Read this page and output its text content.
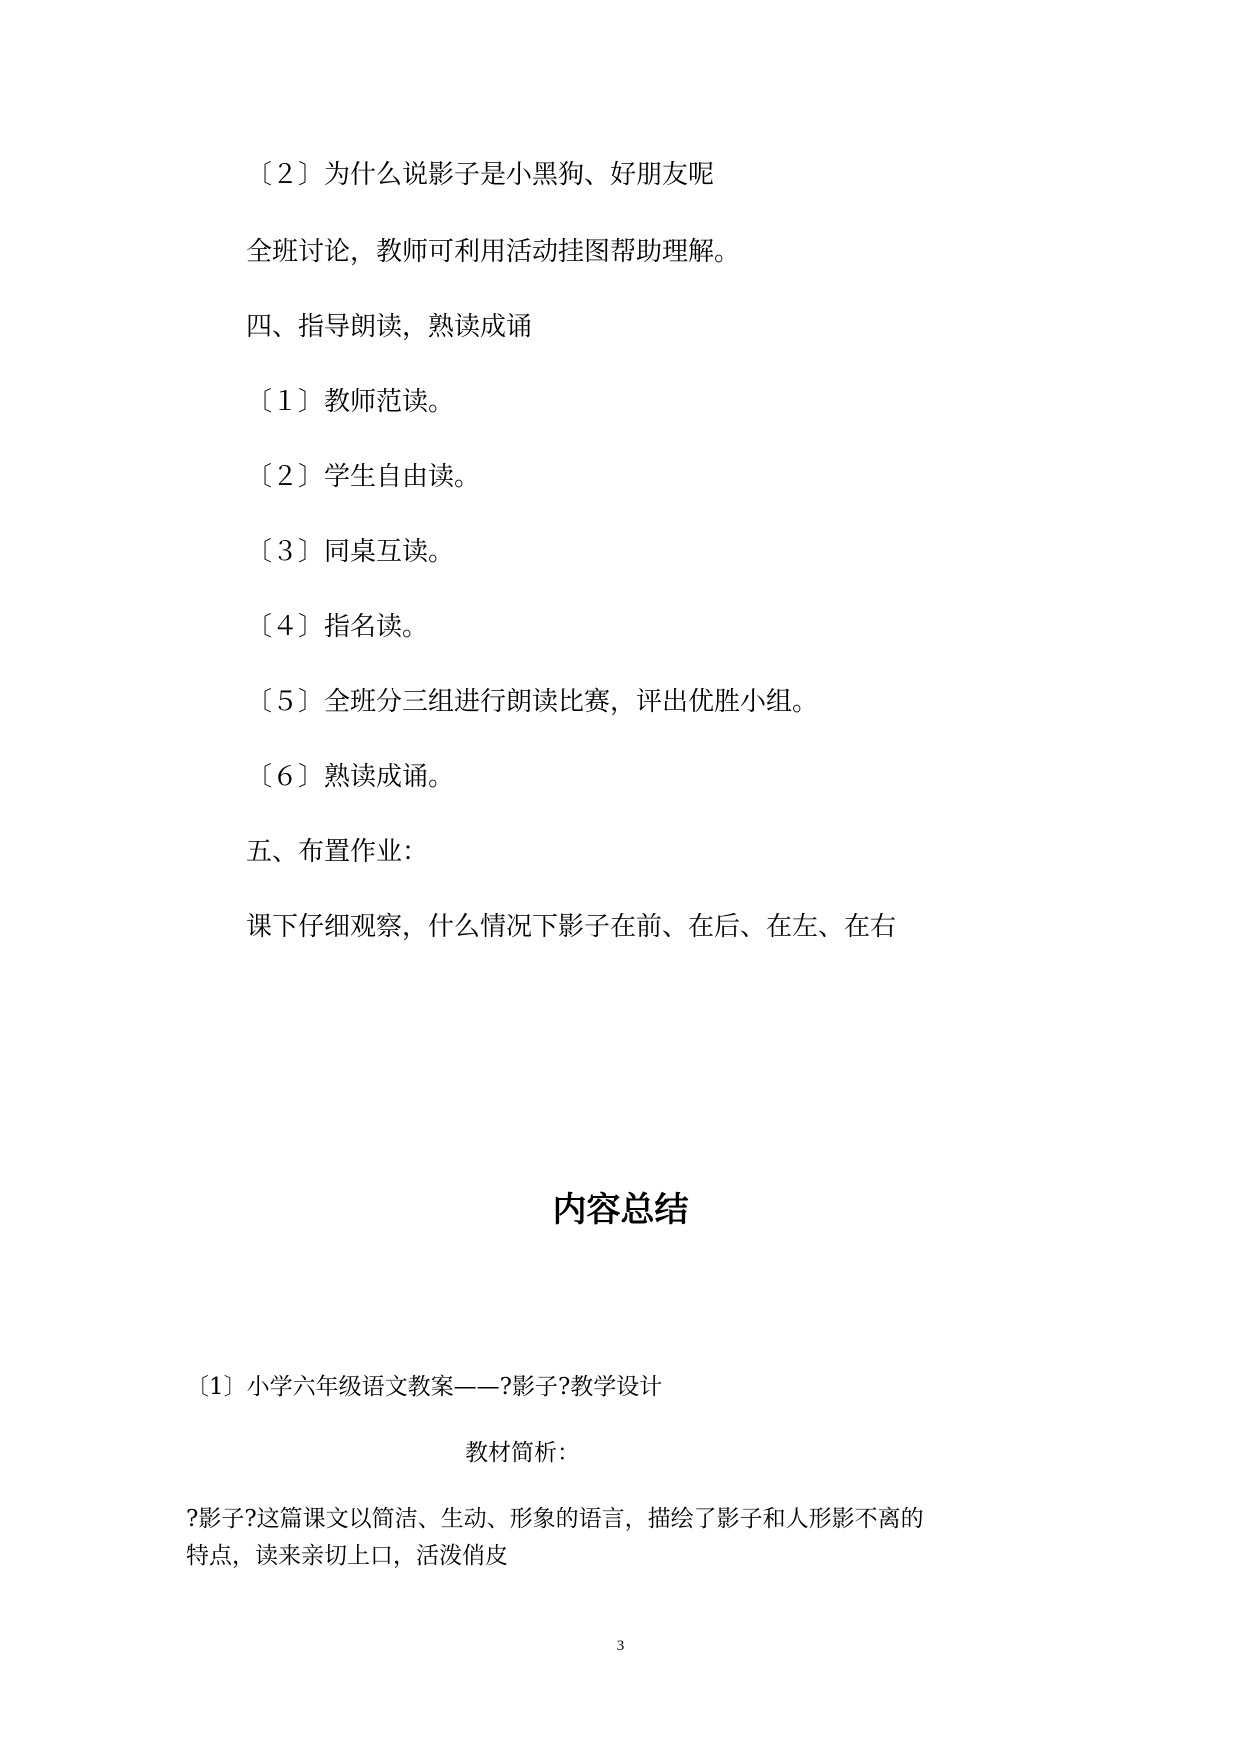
〔２〕为什么说影子是小黑狗、好朋友呢
全班讨论，教师可利用活动挂图帮助理解。
四、指导朗读，熟读成诵
〔１〕教师范读。
〔２〕学生自由读。
〔３〕同桌互读。
〔４〕指名读。
〔５〕全班分三组进行朗读比赛，评出优胜小组。
〔６〕熟读成诵。
五、布置作业：
课下仔细观察，什么情况下影子在前、在后、在左、在右
内容总结
〔1〕小学六年级语文教案——?影子?教学设计
教材简析：
?影子?这篇课文以简洁、生动、形象的语言，描绘了影子和人形影不离的
特点，读来亲切上口，活泼俏皮
3
